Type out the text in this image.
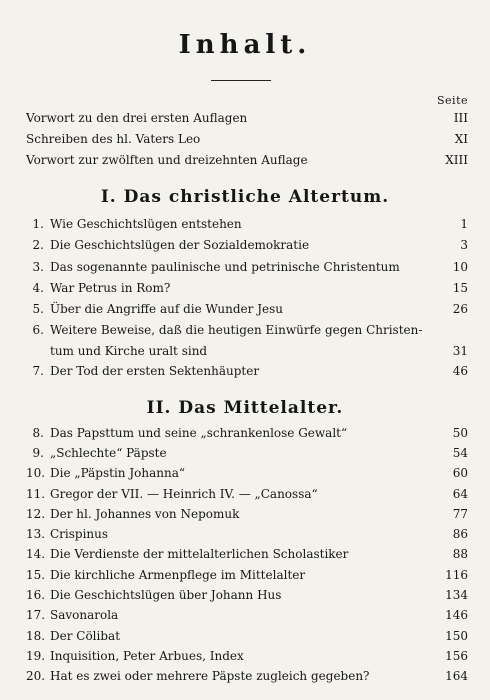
Inhalt.
Seite
Vorwort zu den drei ersten Auflagen	III
Schreiben des hl. Vaters Leo	XI
Vorwort zur zwölften und dreizehnten Auflage	XIII
I. Das christliche Altertum.
1. Wie Geschichtslügen entstehen	1
2. Die Geschichtslügen der Sozialdemokratie	3
3. Das sogenannte paulinische und petrinische Christentum	10
4. War Petrus in Rom?	15
5. Über die Angriffe auf die Wunder Jesu	26
6. Weitere Beweise, daß die heutigen Einwürfe gegen Christen-
tum und Kirche uralt sind	31
7. Der Tod der ersten Sektenhäupter	46
II. Das Mittelalter.
8. Das Papsttum und seine „schrankenlose Gewalt“	50
9. „Schlechte“ Päpste	54
10. Die „Päpstin Johanna“	60
11. Gregor der VII. — Heinrich IV. — „Canossa“	64
12. Der hl. Johannes von Nepomuk	77
13. Crispinus	86
14. Die Verdienste der mittelalterlichen Scholastiker	88
15. Die kirchliche Armenpflege im Mittelalter	116
16. Die Geschichtslügen über Johann Hus	134
17. Savonarola	146
18. Der Cölibat	150
19. Inquisition, Peter Arbues, Index	156
20. Hat es zwei oder mehrere Päpste zugleich gegeben?	164
